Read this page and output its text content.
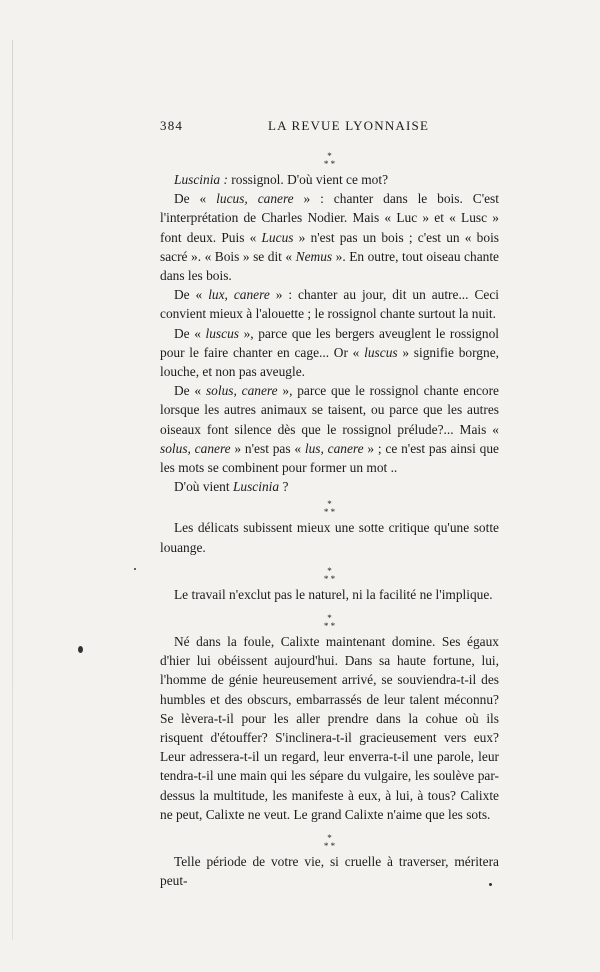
384	LA REVUE LYONNAISE
*
* *

Luscinia : rossignol. D'où vient ce mot?

De « lucus, canere » : chanter dans le bois. C'est l'interprétation de Charles Nodier. Mais « Luc » et « Lusc » font deux. Puis « Lucus » n'est pas un bois ; c'est un « bois sacré ». « Bois » se dit « Nemus ». En outre, tout oiseau chante dans les bois.

De « lux, canere » : chanter au jour, dit un autre... Ceci convient mieux à l'alouette ; le rossignol chante surtout la nuit.

De « luscus », parce que les bergers aveuglent le rossignol pour le faire chanter en cage... Or « luscus » signifie borgne, louche, et non pas aveugle.

De « solus, canere », parce que le rossignol chante encore lorsque les autres animaux se taisent, ou parce que les autres oiseaux font silence dès que le rossignol prélude?... Mais « solus, canere » n'est pas « lus, canere » ; ce n'est pas ainsi que les mots se combinent pour former un mot ..

D'où vient Luscinia ?

*
* *

Les délicats subissent mieux une sotte critique qu'une sotte louange.

*
* *

Le travail n'exclut pas le naturel, ni la facilité ne l'implique.

*
* *

Né dans la foule, Calixte maintenant domine. Ses égaux d'hier lui obéissent aujourd'hui. Dans sa haute fortune, lui, l'homme de génie heureusement arrivé, se souviendra-t-il des humbles et des obscurs, embarrassés de leur talent méconnu? Se lèvera-t-il pour les aller prendre dans la cohue où ils risquent d'étouffer? S'inclinera-t-il gracieusement vers eux? Leur adressera-t-il un regard, leur enverra-t-il une parole, leur tendra-t-il une main qui les sépare du vulgaire, les soulève par-dessus la multitude, les manifeste à eux, à lui, à tous? Calixte ne peut, Calixte ne veut. Le grand Calixte n'aime que les sots.

*
* *

Telle période de votre vie, si cruelle à traverser, méritera peut-
